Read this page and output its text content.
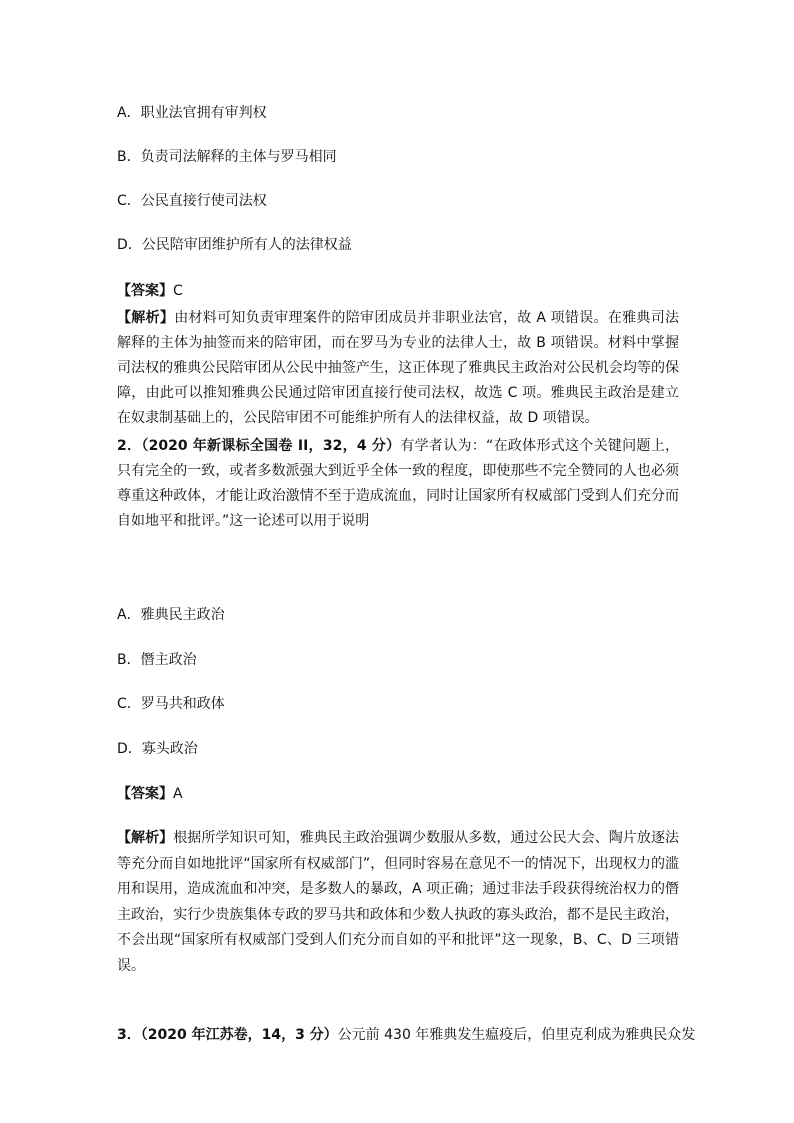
A．职业法官拥有审判权
B．负责司法解释的主体与罗马相同
C．公民直接行使司法权
D．公民陪审团维护所有人的法律权益
【答案】C
【解析】由材料可知负责审理案件的陪审团成员并非职业法官，故 A 项错误。在雅典司法解释的主体为抽签而来的陪审团，而在罗马为专业的法律人士，故 B 项错误。材料中掌握司法权的雅典公民陪审团从公民中抽签产生，这正体现了雅典民主政治对公民机会均等的保障，由此可以推知雅典公民通过陪审团直接行使司法权，故选 C 项。雅典民主政治是建立在奴隶制基础上的，公民陪审团不可能维护所有人的法律权益，故 D 项错误。
2．（2020 年新课标全国卷 II，32，4 分）有学者认为：“在政体形式这个关键问题上，只有完全的一致，或者多数派强大到近乎全体一致的程度，即使那些不完全赞同的人也必须尊重这种政体，才能让政治激情不至于造成流血，同时让国家所有权威部门受到人们充分而自如地平和批评。”这一论述可以用于说明
A．雅典民主政治
B．僭主政治
C．罗马共和政体
D．寡头政治
【答案】A
【解析】根据所学知识可知，雅典民主政治强调少数服从多数，通过公民大会、陶片放逐法等充分而自如地批评“国家所有权威部门”，但同时容易在意见不一的情况下，出现权力的滥用和误用，造成流血和冲突，是多数人的暴政，A 项正确；通过非法手段获得统治权力的僭主政治，实行少贵族集体专政的罗马共和政体和少数人执政的寡头政治，都不是民主政治，不会出现“国家所有权威部门受到人们充分而自如的平和批评”这一现象，B、C、D 三项错误。
3．（2020 年江苏卷，14，3 分）公元前 430 年雅典发生瘟疫后，伯里克利成为雅典民众发
